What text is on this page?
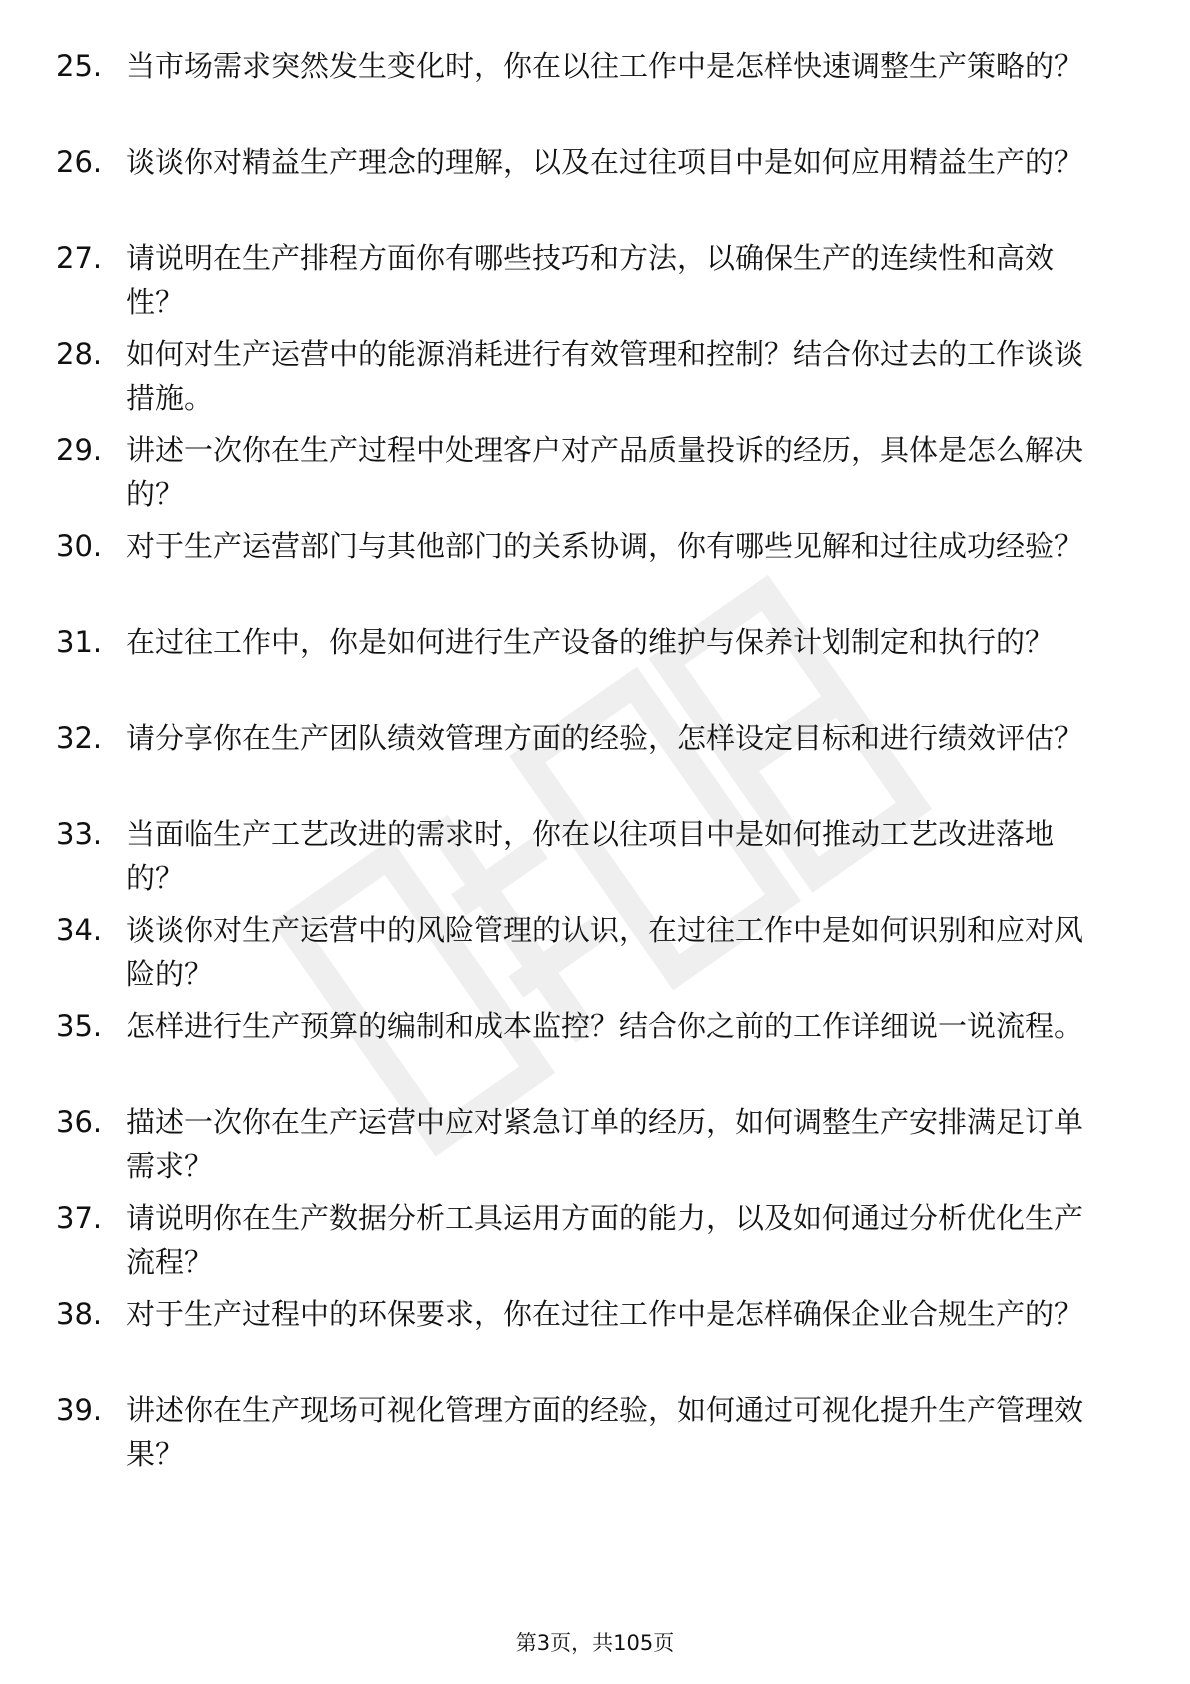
25. 当市场需求突然发生变化时，你在以往工作中是怎样快速调整生产策略的？
26. 谈谈你对精益生产理念的理解，以及在过往项目中是如何应用精益生产的？
27. 请说明在生产排程方面你有哪些技巧和方法，以确保生产的连续性和高效性？
28. 如何对生产运营中的能源消耗进行有效管理和控制？结合你过去的工作谈谈措施。
29. 讲述一次你在生产过程中处理客户对产品质量投诉的经历，具体是怎么解决的？
30. 对于生产运营部门与其他部门的关系协调，你有哪些见解和过往成功经验？
31. 在过往工作中，你是如何进行生产设备的维护与保养计划制定和执行的？
32. 请分享你在生产团队绩效管理方面的经验，怎样设定目标和进行绩效评估？
33. 当面临生产工艺改进的需求时，你在以往项目中是如何推动工艺改进落地的？
34. 谈谈你对生产运营中的风险管理的认识，在过往工作中是如何识别和应对风险的？
35. 怎样进行生产预算的编制和成本监控？结合你之前的工作详细说一说流程。
36. 描述一次你在生产运营中应对紧急订单的经历，如何调整生产安排满足订单需求？
37. 请说明你在生产数据分析工具运用方面的能力，以及如何通过分析优化生产流程？
38. 对于生产过程中的环保要求，你在过往工作中是怎样确保企业合规生产的？
39. 讲述你在生产现场可视化管理方面的经验，如何通过可视化提升生产管理效果？
第3页，共105页
